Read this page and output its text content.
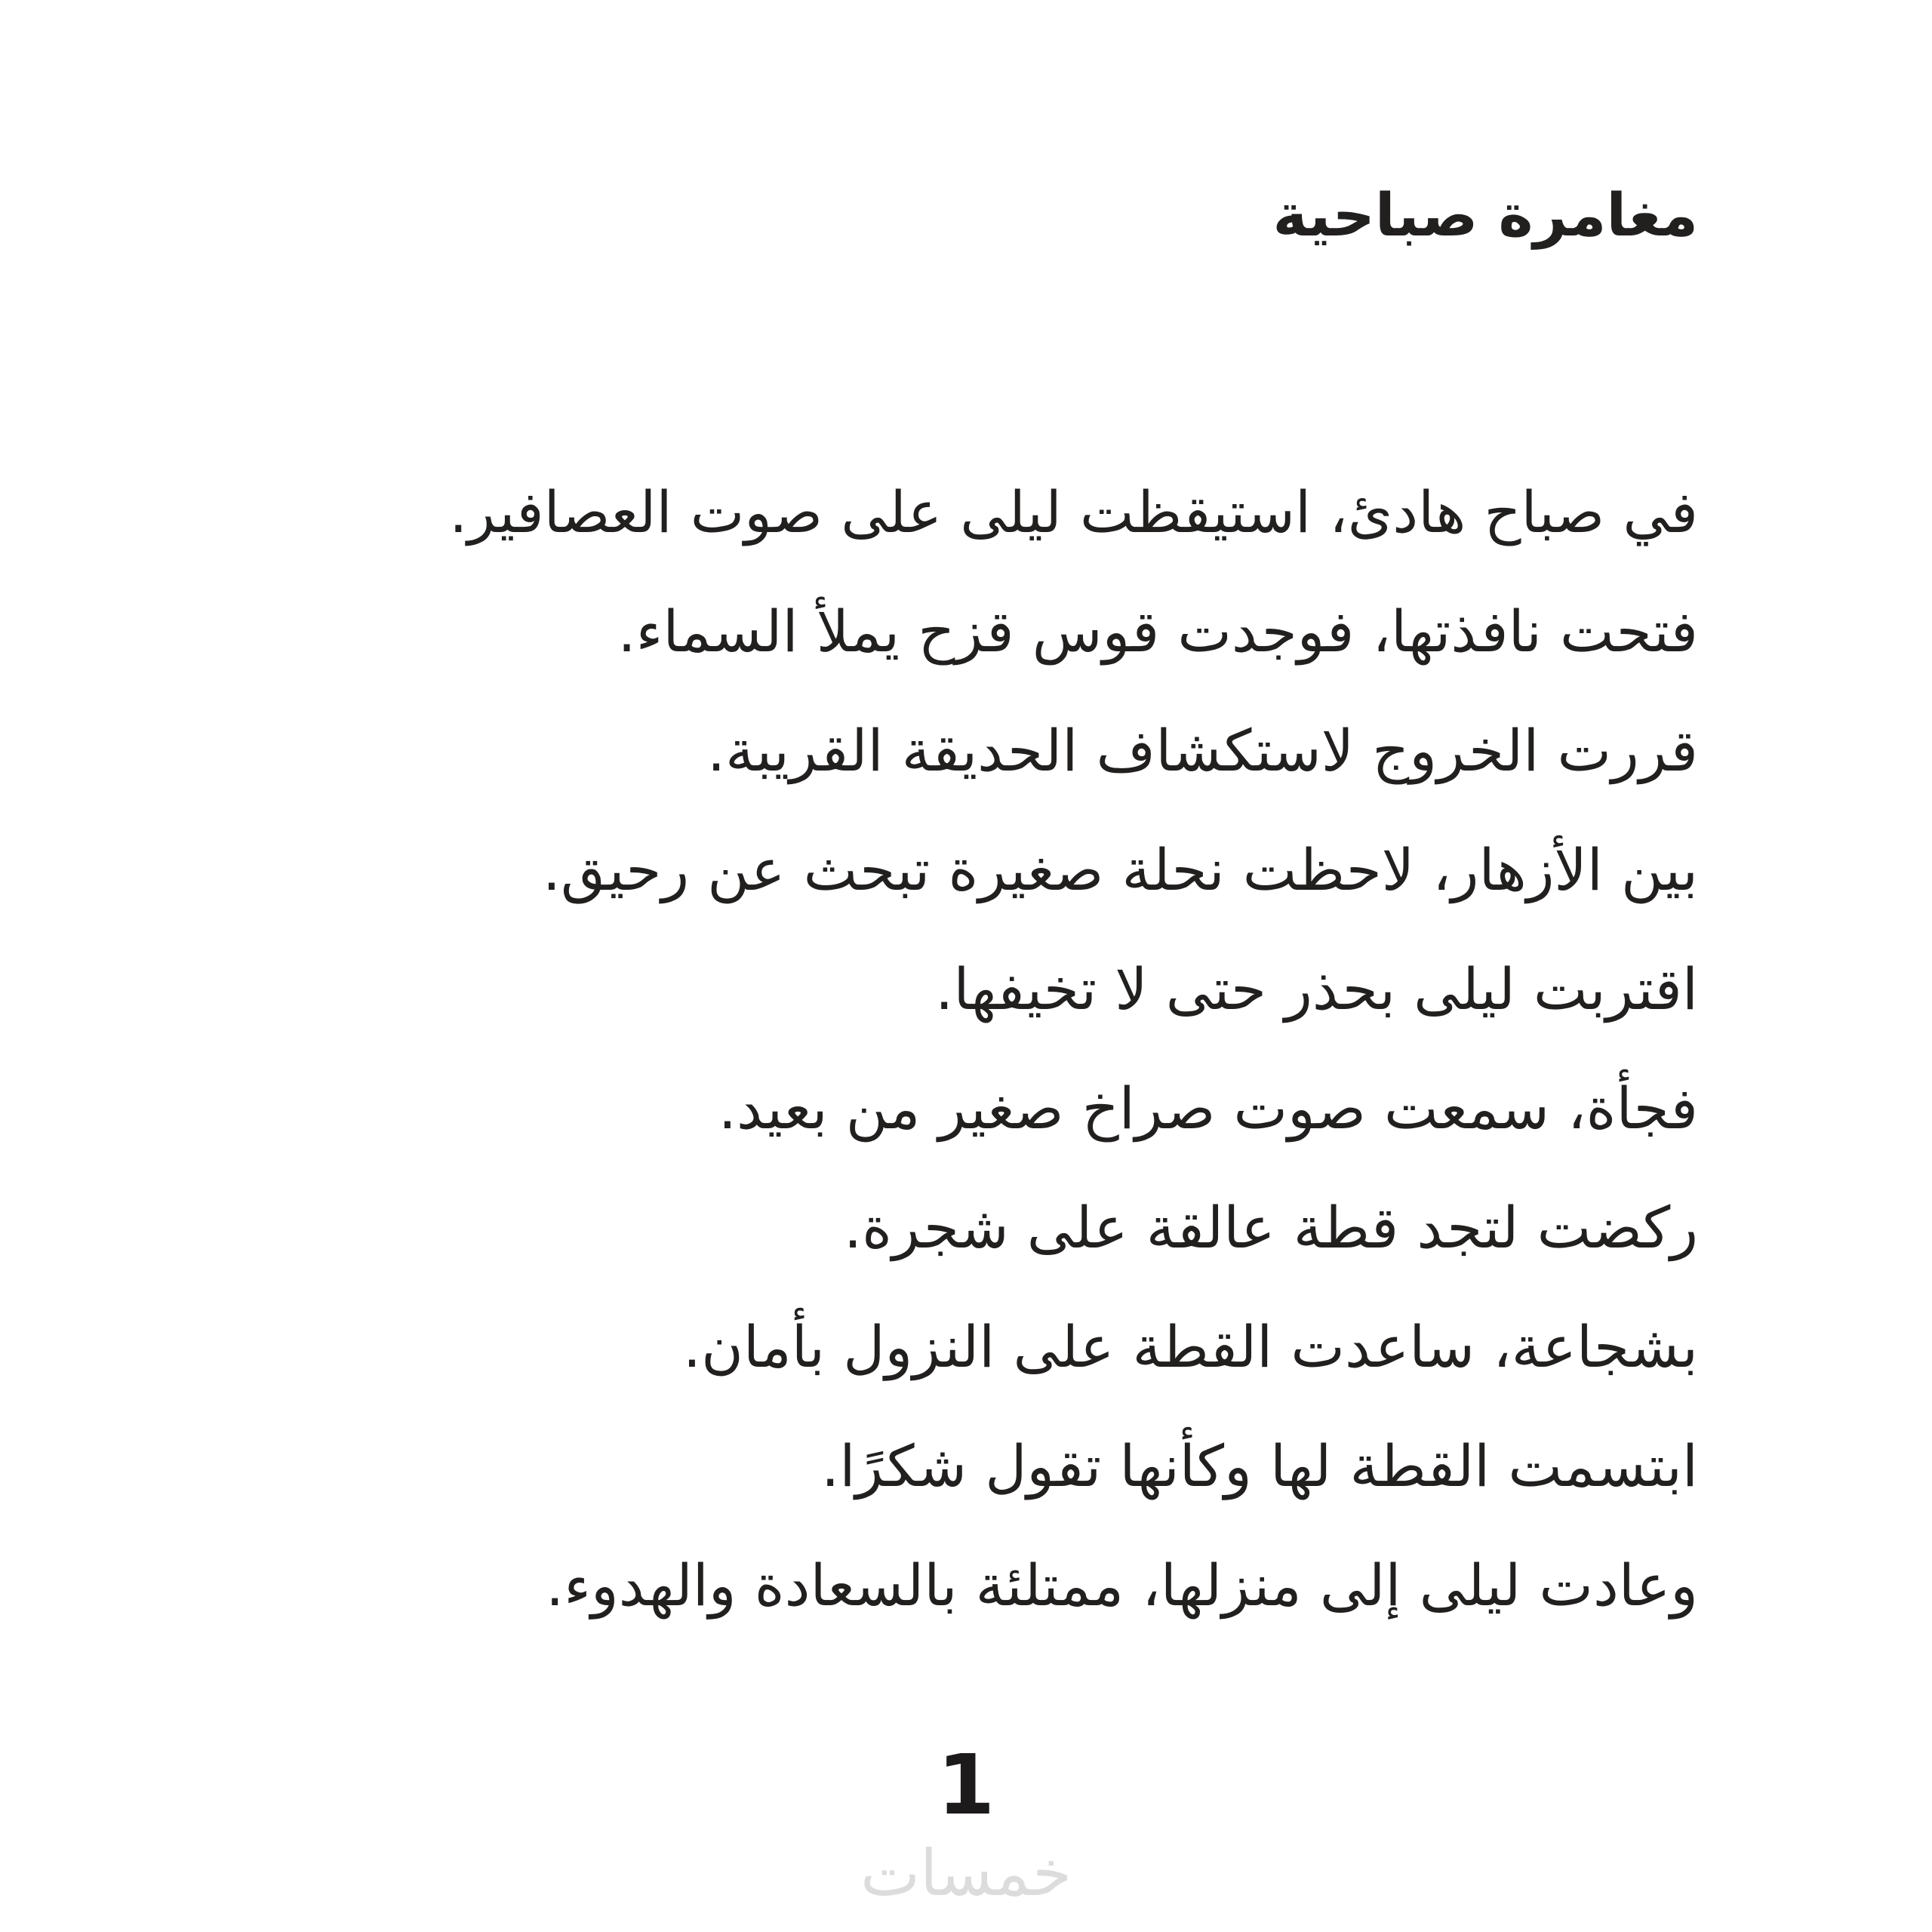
مغامرة صباحية
في صباح هادئ، استيقظت ليلى على صوت العصافير.
فتحت نافذتها، فوجدت قوس قزح يملأ السماء.
قررت الخروج لاستكشاف الحديقة القريبة.
بين الأزهار، لاحظت نحلة صغيرة تبحث عن رحيق.
اقتربت ليلى بحذر حتى لا تخيفها.
فجأة، سمعت صوت صراخ صغير من بعيد.
ركضت لتجد قطة عالقة على شجرة.
بشجاعة، ساعدت القطة على النزول بأمان.
ابتسمت القطة لها وكأنها تقول شكرًا.
وعادت ليلى إلى منزلها، ممتلئة بالسعادة والهدوء.
1
خمسات
